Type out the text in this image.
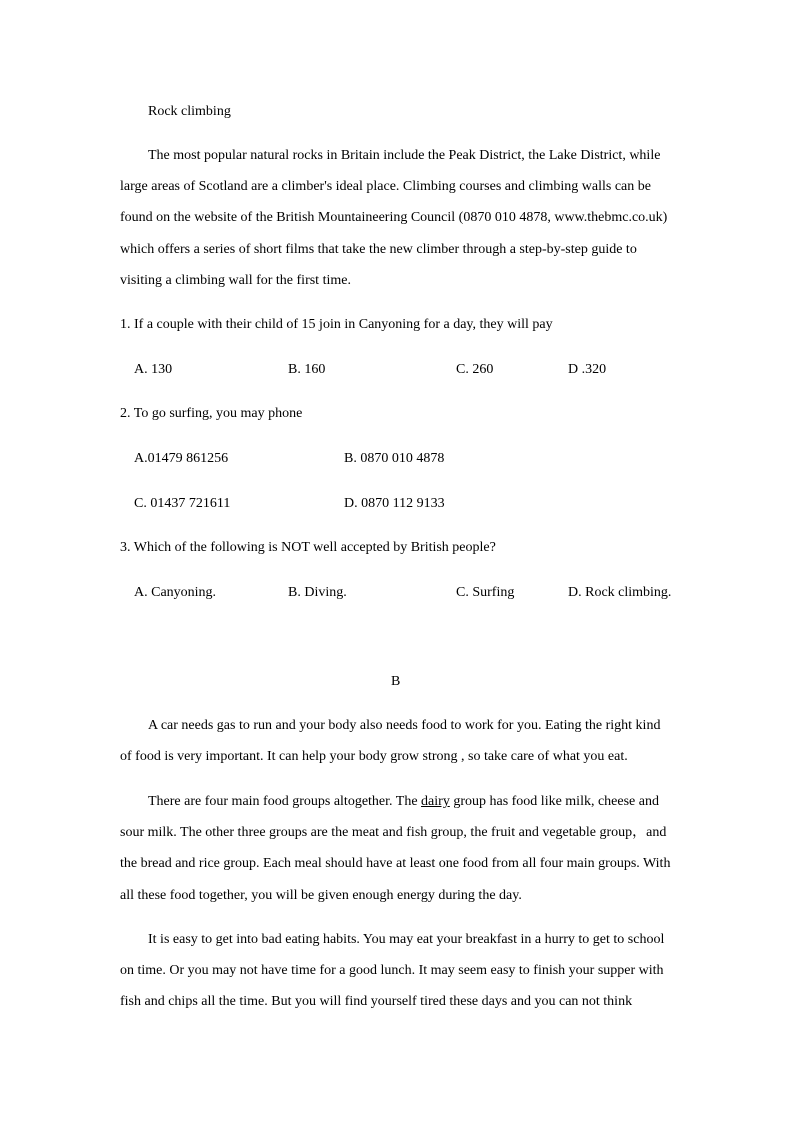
Rock climbing
The most popular natural rocks in Britain include the Peak District, the Lake District, while
large areas of Scotland are a climber's ideal place. Climbing courses and climbing walls can be
found on the website of the British Mountaineering Council (0870 010 4878, www.thebmc.co.uk)
which offers a series of short films that take the new climber through a step-by-step guide to
visiting a climbing wall for the first time.
1. If a couple with their child of 15 join in Canyoning for a day, they will pay
A. 130	B. 160	C. 260	D .320
2. To go surfing, you may phone
A.01479 861256	B. 0870 010 4878
C. 01437 721611	D. 0870 112 9133
3. Which of the following is NOT well accepted by British people?
A. Canyoning.	B. Diving.	C. Surfing	D. Rock climbing.
B
A car needs gas to run and your body also needs food to work for you. Eating the right kind
of food is very important. It can help your body grow strong , so take care of what you eat.
There are four main food groups altogether. The dairy group has food like milk, cheese and
sour milk. The other three groups are the meat and fish group, the fruit and vegetable group，and
the bread and rice group. Each meal should have at least one food from all four main groups. With
all these food together, you will be given enough energy during the day.
It is easy to get into bad eating habits. You may eat your breakfast in a hurry to get to school
on time. Or you may not have time for a good lunch. It may seem easy to finish your supper with
fish and chips all the time. But you will find yourself tired these days and you can not think
